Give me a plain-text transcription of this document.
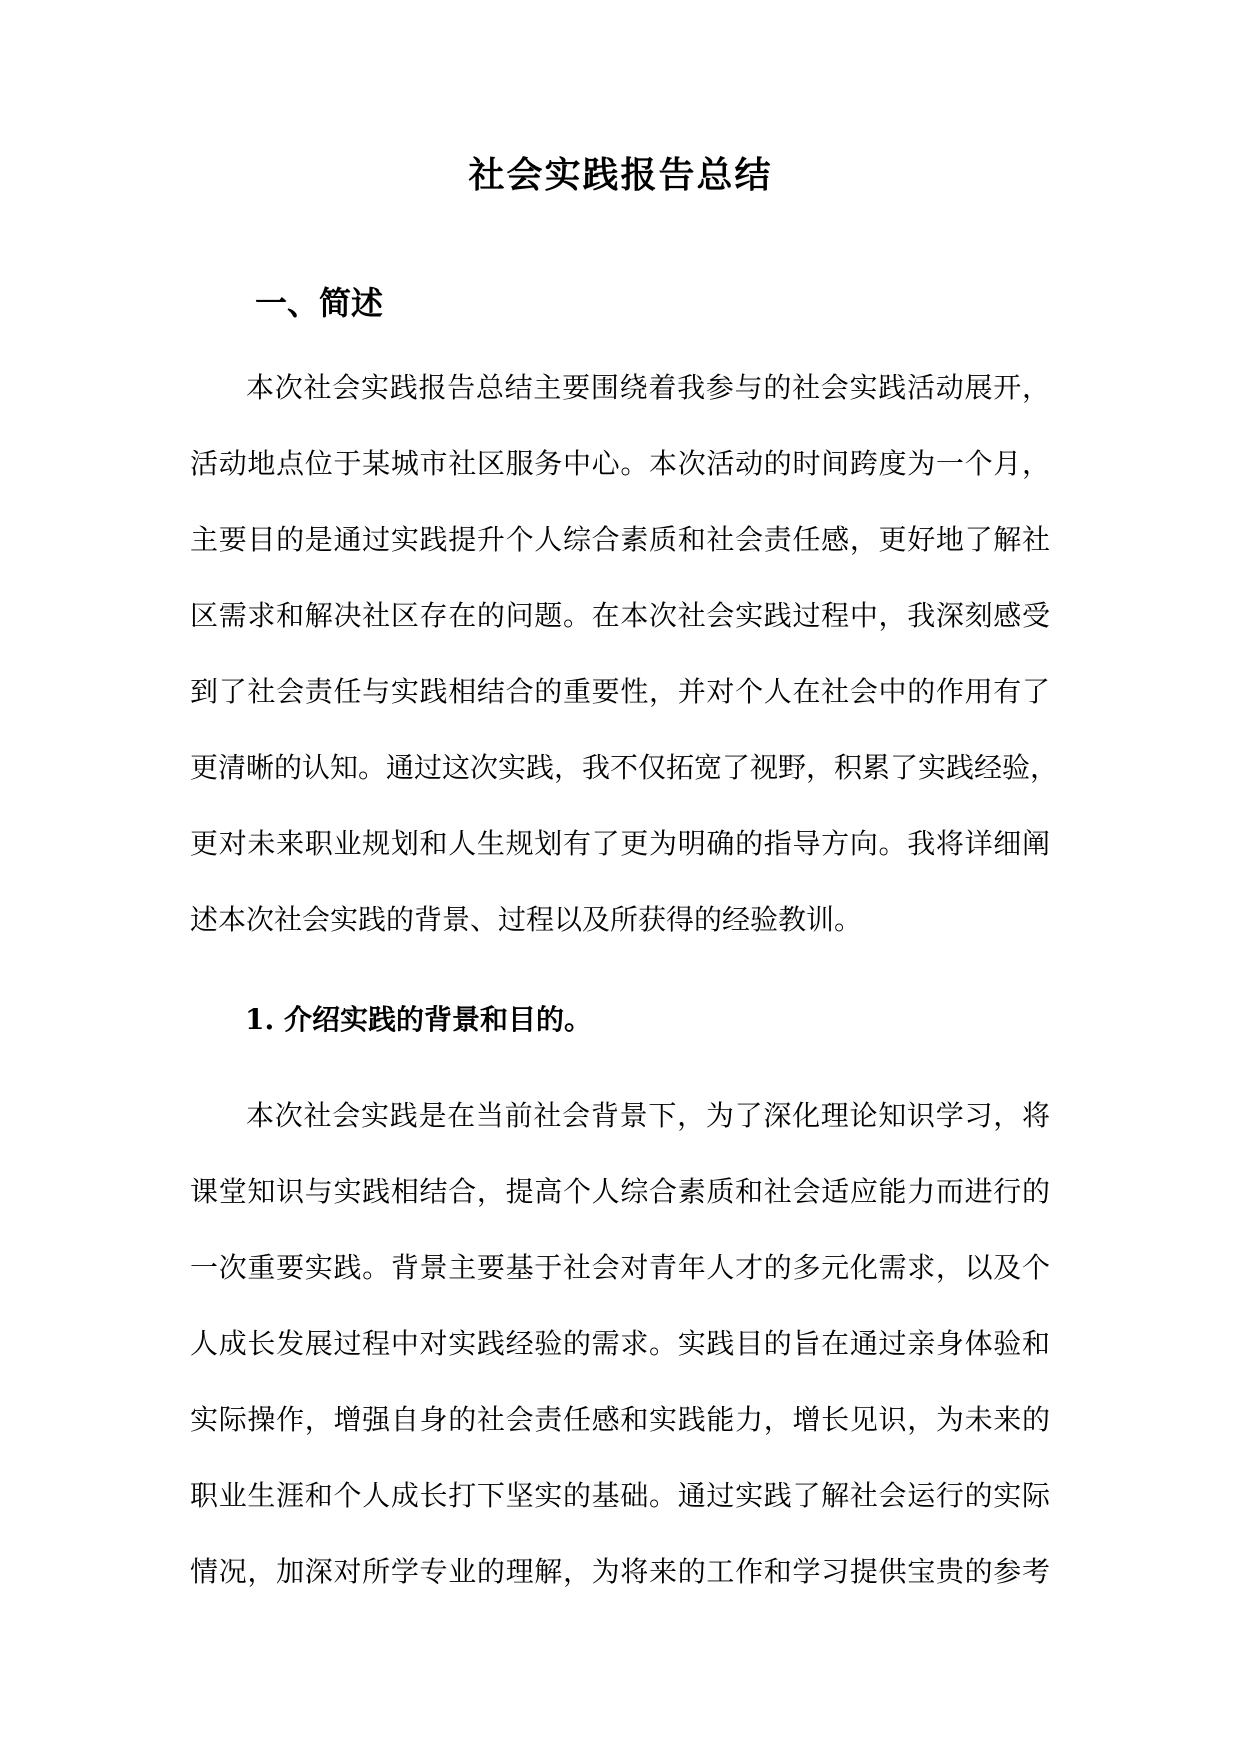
社会实践报告总结
一、简述
本次社会实践报告总结主要围绕着我参与的社会实践活动展开，
活动地点位于某城市社区服务中心。本次活动的时间跨度为一个月，
主要目的是通过实践提升个人综合素质和社会责任感，更好地了解社
区需求和解决社区存在的问题。在本次社会实践过程中，我深刻感受
到了社会责任与实践相结合的重要性，并对个人在社会中的作用有了
更清晰的认知。通过这次实践，我不仅拓宽了视野，积累了实践经验，
更对未来职业规划和人生规划有了更为明确的指导方向。我将详细阐
述本次社会实践的背景、过程以及所获得的经验教训。
1. 介绍实践的背景和目的。
本次社会实践是在当前社会背景下，为了深化理论知识学习，将
课堂知识与实践相结合，提高个人综合素质和社会适应能力而进行的
一次重要实践。背景主要基于社会对青年人才的多元化需求，以及个
人成长发展过程中对实践经验的需求。实践目的旨在通过亲身体验和
实际操作，增强自身的社会责任感和实践能力，增长见识，为未来的
职业生涯和个人成长打下坚实的基础。通过实践了解社会运行的实际
情况，加深对所学专业的理解，为将来的工作和学习提供宝贵的参考
